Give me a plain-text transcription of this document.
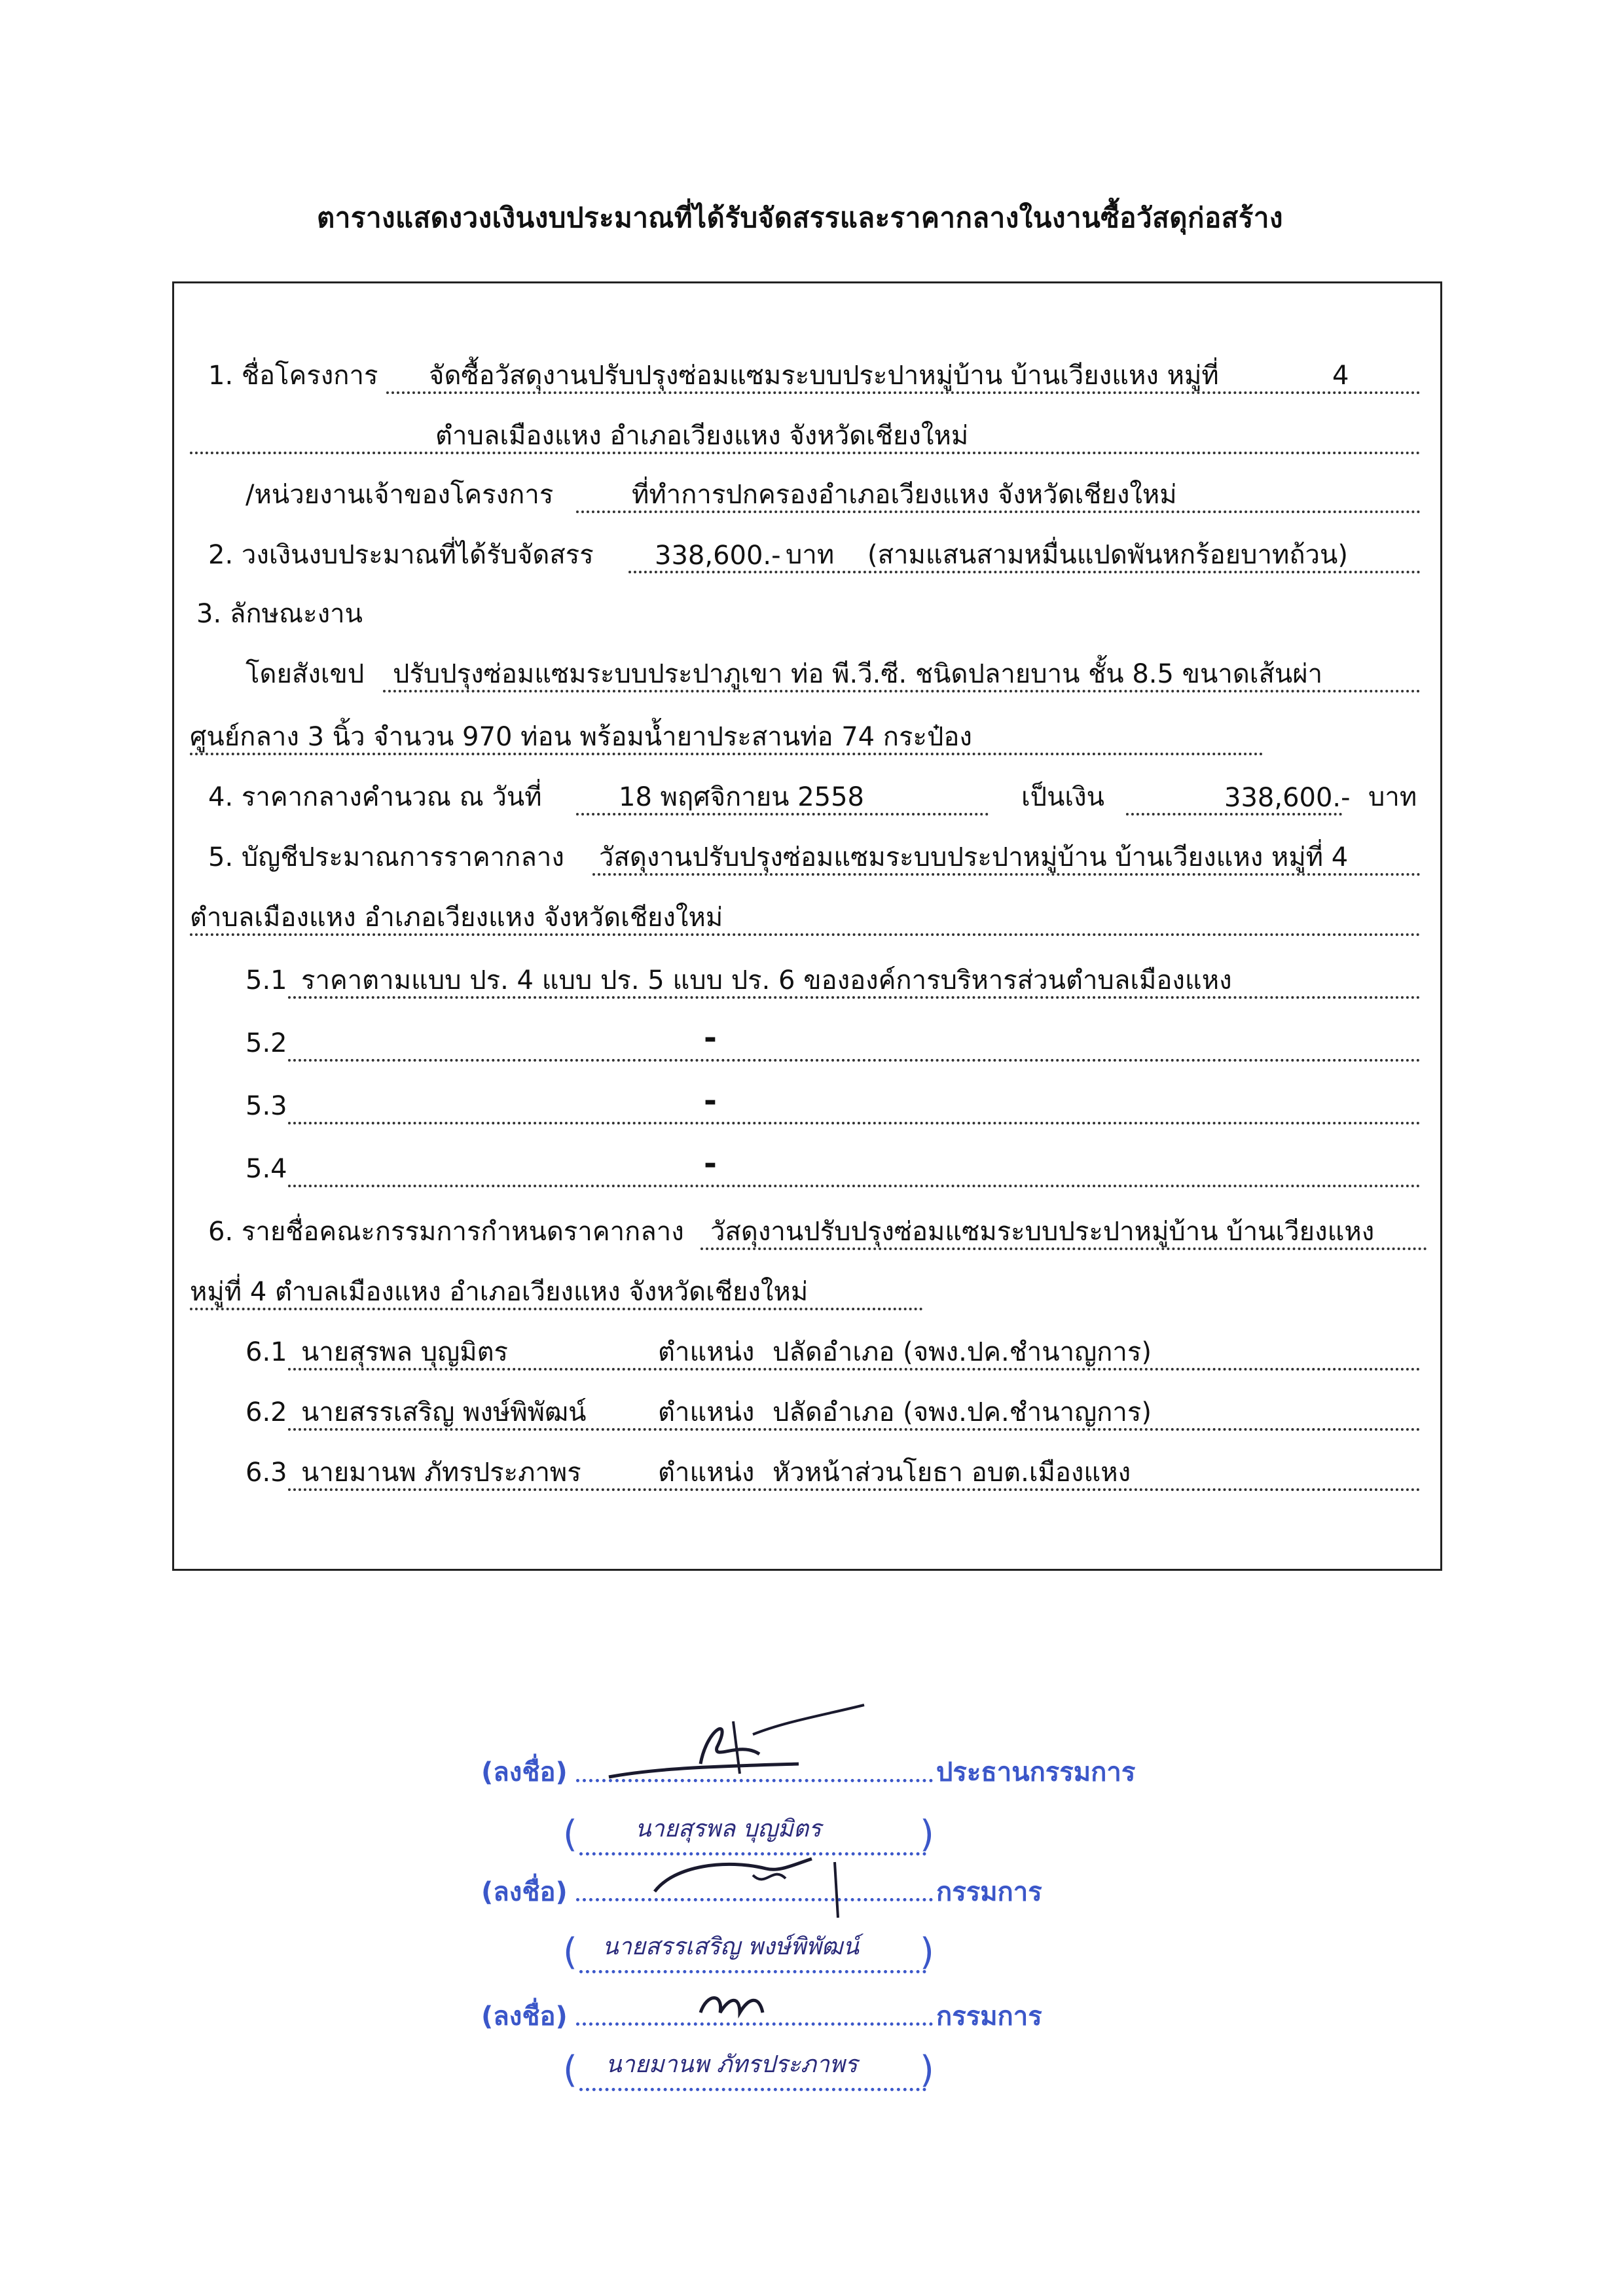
ตารางแสดงวงเงินงบประมาณที่ได้รับจัดสรรและราคากลางในงานซื้อวัสดุก่อสร้าง
1. ชื่อโครงการ จัดซื้อวัสดุงานปรับปรุงซ่อมแซมระบบประปาหมู่บ้าน บ้านเวียงแหง หมู่ที่	4
ตำบลเมืองแหง อำเภอเวียงแหง จังหวัดเชียงใหม่
/หน่วยงานเจ้าของโครงการ	ที่ทำการปกครองอำเภอเวียงแหง จังหวัดเชียงใหม่
2. วงเงินงบประมาณที่ได้รับจัดสรร 338,600.- บาท (สามแสนสามหมื่นแปดพันหกร้อยบาทถ้วน)
3. ลักษณะงาน
โดยสังเขป ปรับปรุงซ่อมแซมระบบประปาภูเขา ท่อ พี.วี.ซี. ชนิดปลายบาน ชั้น 8.5 ขนาดเส้นผ่า
ศูนย์กลาง 3 นิ้ว จำนวน 970 ท่อน พร้อมน้ำยาประสานท่อ 74 กระป๋อง
4. ราคากลางคำนวณ ณ วันที่	18 พฤศจิกายน 2558	เป็นเงิน	338,600.- บาท
5. บัญชีประมาณการราคากลาง วัสดุงานปรับปรุงซ่อมแซมระบบประปาหมู่บ้าน บ้านเวียงแหง หมู่ที่ 4
ตำบลเมืองแหง อำเภอเวียงแหง จังหวัดเชียงใหม่
5.1 ราคาตามแบบ ปร. 4 แบบ ปร. 5 แบบ ปร. 6 ขององค์การบริหารส่วนตำบลเมืองแหง
5.2	-
5.3	-
5.4	-
6. รายชื่อคณะกรรมการกำหนดราคากลาง วัสดุงานปรับปรุงซ่อมแซมระบบประปาหมู่บ้าน บ้านเวียงแหง
หมู่ที่ 4 ตำบลเมืองแหง อำเภอเวียงแหง จังหวัดเชียงใหม่
6.1 นายสุรพล บุญมิตร	ตำแหน่ง ปลัดอำเภอ (จพง.ปค.ชำนาญการ)
6.2 นายสรรเสริญ พงษ์พิพัฒน์	ตำแหน่ง ปลัดอำเภอ (จพง.ปค.ชำนาญการ)
6.3 นายมานพ ภัทรประภาพร	ตำแหน่ง หัวหน้าส่วนโยธา อบต.เมืองแหง
(ลงชื่อ)	ประธานกรรมการ
( นายสุรพล บุญมิตร	)
(ลงชื่อ)	กรรมการ
( นายสรรเสริญ พงษ์พิพัฒน์ )
(ลงชื่อ)	กรรมการ
( นายมานพ ภัทรประภาพร )
